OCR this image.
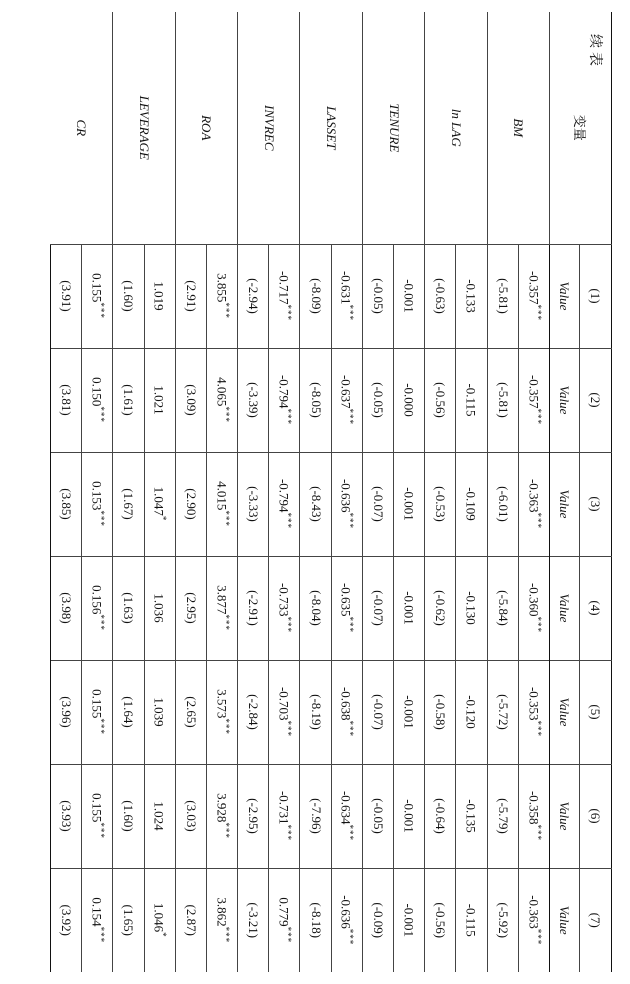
续表
变量	(1)	(2)	(3)	(4)	(5)	(6)	(7)
	Value	Value	Value	Value	Value	Value	Value
BM	-0.357***	-0.357***	-0.363***	-0.360***	-0.353***	-0.358***	-0.363***
	(-5.81)	(-5.81)	(-6.01)	(-5.84)	(-5.72)	(-5.79)	(-5.92)
ln LAG	-0.133	-0.115	-0.109	-0.130	-0.120	-0.135	-0.115
	(-0.63)	(-0.56)	(-0.53)	(-0.62)	(-0.58)	(-0.64)	(-0.56)
TENURE	-0.001	-0.000	-0.001	-0.001	-0.001	-0.001	-0.001
	(-0.05)	(-0.05)	(-0.07)	(-0.07)	(-0.07)	(-0.05)	(-0.09)
LASSET	-0.631***	-0.637***	-0.636***	-0.635***	-0.638***	-0.634***	-0.636***
	(-8.09)	(-8.05)	(-8.43)	(-8.04)	(-8.19)	(-7.96)	(-8.18)
INVREC	-0.717***	-0.794***	-0.794***	-0.733***	-0.703***	-0.731***	0.779***
	(-2.94)	(-3.39)	(-3.33)	(-2.91)	(-2.84)	(-2.95)	(-3.21)
ROA	3.855***	4.065***	4.015***	3.877***	3.573***	3.928***	3.862***
	(2.91)	(3.09)	(2.90)	(2.95)	(2.65)	(3.03)	(2.87)
LEVERAGE	1.019	1.021	1.047*	1.036	1.039	1.024	1.046*
	(1.60)	(1.61)	(1.67)	(1.63)	(1.64)	(1.60)	(1.65)
CR	0.155***	0.150***	0.153***	0.156***	0.155***	0.155***	0.154***
	(3.91)	(3.81)	(3.85)	(3.98)	(3.96)	(3.93)	(3.92)
